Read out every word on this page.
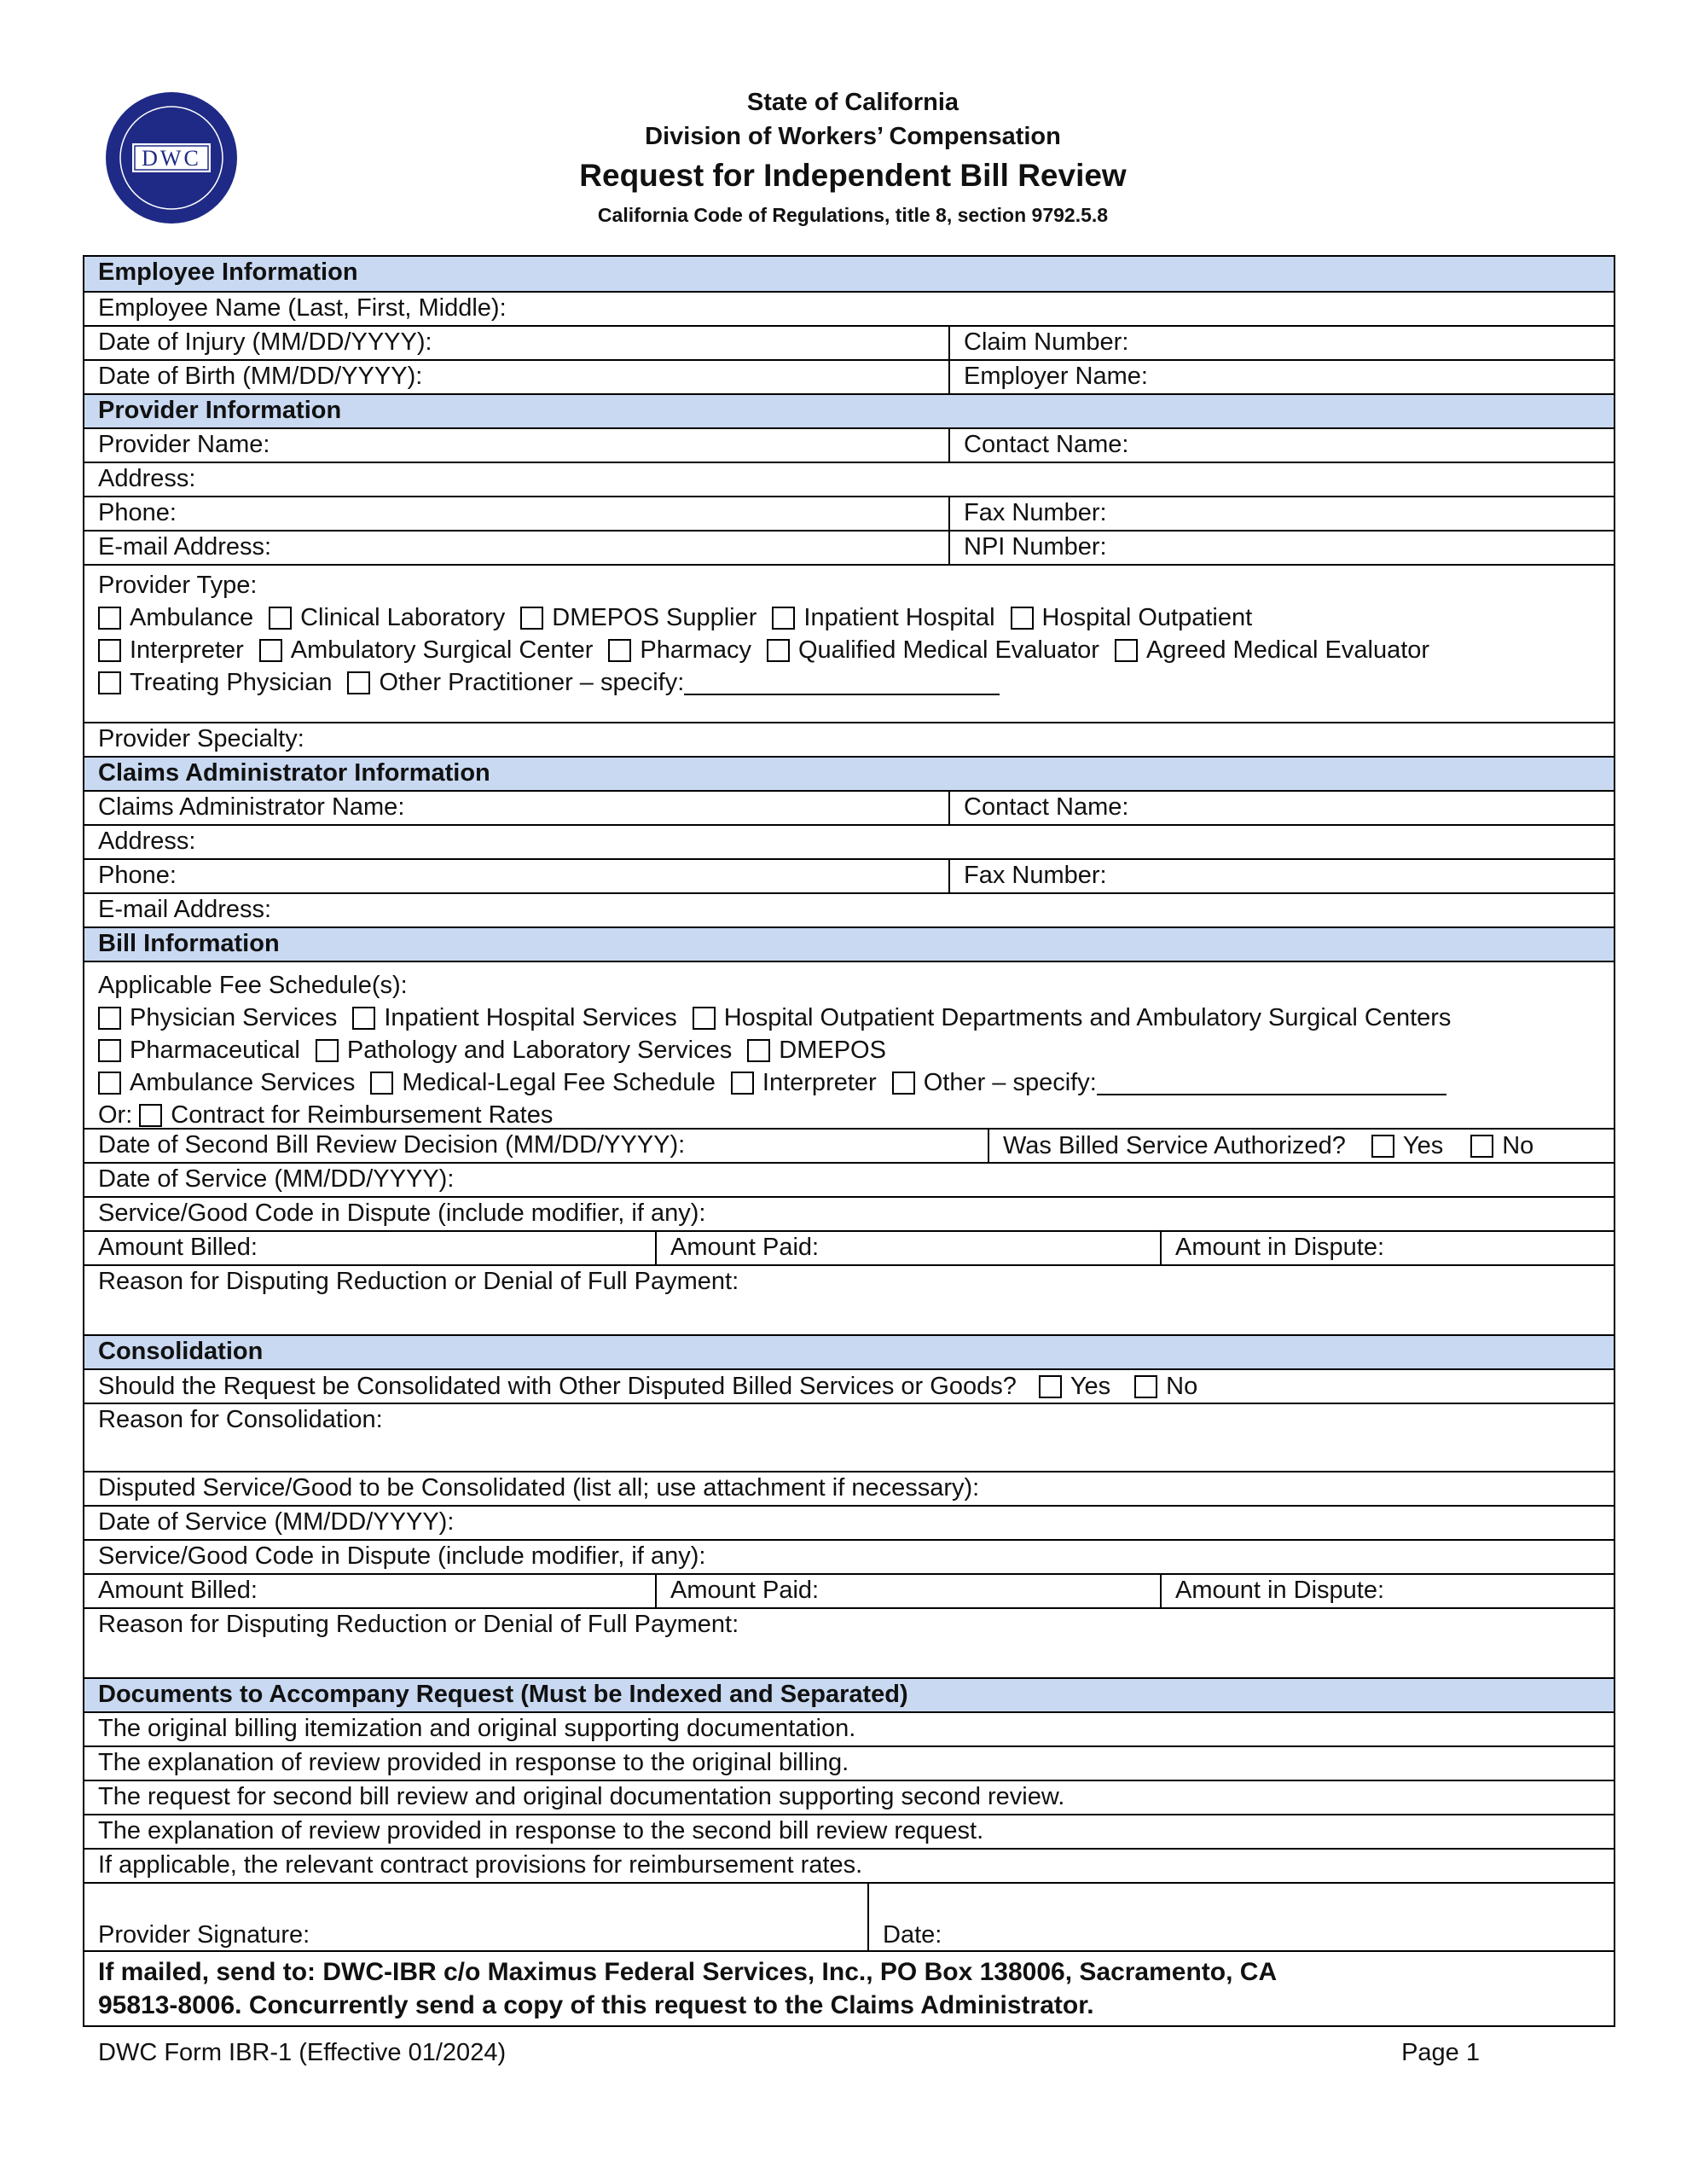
DWC
State of California
Division of Workers’ Compensation
Request for Independent Bill Review
California Code of Regulations, title 8, section 9792.5.8
Employee Information
Employee Name (Last, First, Middle):
Date of Injury (MM/DD/YYYY):	Claim Number:
Date of Birth (MM/DD/YYYY):	Employer Name:
Provider Information
Provider Name:	Contact Name:
Address:
Phone:	Fax Number:
E-mail Address:	NPI Number:
Provider Type:
Ambulance Clinical Laboratory DMEPOS Supplier Inpatient Hospital Hospital Outpatient
Interpreter Ambulatory Surgical Center Pharmacy Qualified Medical Evaluator Agreed Medical Evaluator
Treating Physician Other Practitioner – specify:
Provider Specialty:
Claims Administrator Information
Claims Administrator Name:	Contact Name:
Address:
Phone:	Fax Number:
E-mail Address:
Bill Information
Applicable Fee Schedule(s):
Physician Services Inpatient Hospital Services Hospital Outpatient Departments and Ambulatory Surgical Centers
Pharmaceutical Pathology and Laboratory Services DMEPOS
Ambulance Services Medical-Legal Fee Schedule Interpreter Other – specify:
Or: Contract for Reimbursement Rates
Date of Second Bill Review Decision (MM/DD/YYYY):	Was Billed Service Authorized? Yes No
Date of Service (MM/DD/YYYY):
Service/Good Code in Dispute (include modifier, if any):
Amount Billed:	Amount Paid:	Amount in Dispute:
Reason for Disputing Reduction or Denial of Full Payment:
Consolidation
Should the Request be Consolidated with Other Disputed Billed Services or Goods? Yes No
Reason for Consolidation:
Disputed Service/Good to be Consolidated (list all; use attachment if necessary):
Date of Service (MM/DD/YYYY):
Service/Good Code in Dispute (include modifier, if any):
Amount Billed:	Amount Paid:	Amount in Dispute:
Reason for Disputing Reduction or Denial of Full Payment:
Documents to Accompany Request (Must be Indexed and Separated)
The original billing itemization and original supporting documentation.
The explanation of review provided in response to the original billing.
The request for second bill review and original documentation supporting second review.
The explanation of review provided in response to the second bill review request.
If applicable, the relevant contract provisions for reimbursement rates.
Provider Signature:	Date:
If mailed, send to: DWC-IBR c/o Maximus Federal Services, Inc., PO Box 138006, Sacramento, CA
95813-8006. Concurrently send a copy of this request to the Claims Administrator.
DWC Form IBR-1 (Effective 01/2024)	Page 1
